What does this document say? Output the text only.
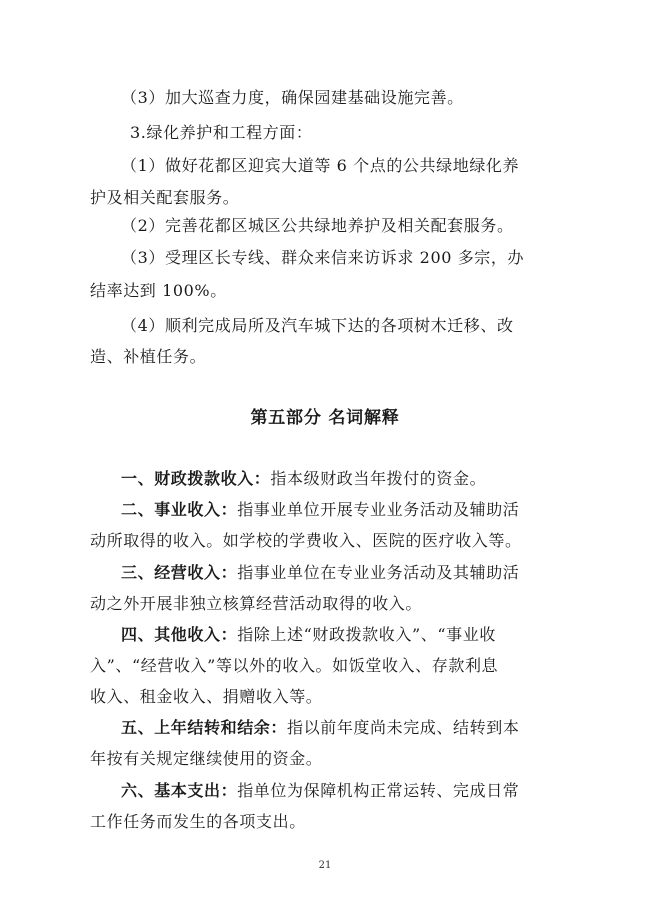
（3）加大巡查力度，确保园建基础设施完善。
3.绿化养护和工程方面：
（1）做好花都区迎宾大道等 6 个点的公共绿地绿化养
护及相关配套服务。
（2）完善花都区城区公共绿地养护及相关配套服务。
（3）受理区长专线、群众来信来访诉求 200 多宗，办
结率达到 100%。
（4）顺利完成局所及汽车城下达的各项树木迁移、改
造、补植任务。
第五部分 名词解释
一、财政拨款收入：指本级财政当年拨付的资金。
二、事业收入：指事业单位开展专业业务活动及辅助活
动所取得的收入。如学校的学费收入、医院的医疗收入等。
三、经营收入：指事业单位在专业业务活动及其辅助活
动之外开展非独立核算经营活动取得的收入。
四、其他收入：指除上述“财政拨款收入”、“事业收
入”、“经营收入”等以外的收入。如饭堂收入、存款利息
收入、租金收入、捐赠收入等。
五、上年结转和结余：指以前年度尚未完成、结转到本
年按有关规定继续使用的资金。
六、基本支出：指单位为保障机构正常运转、完成日常
工作任务而发生的各项支出。
21
